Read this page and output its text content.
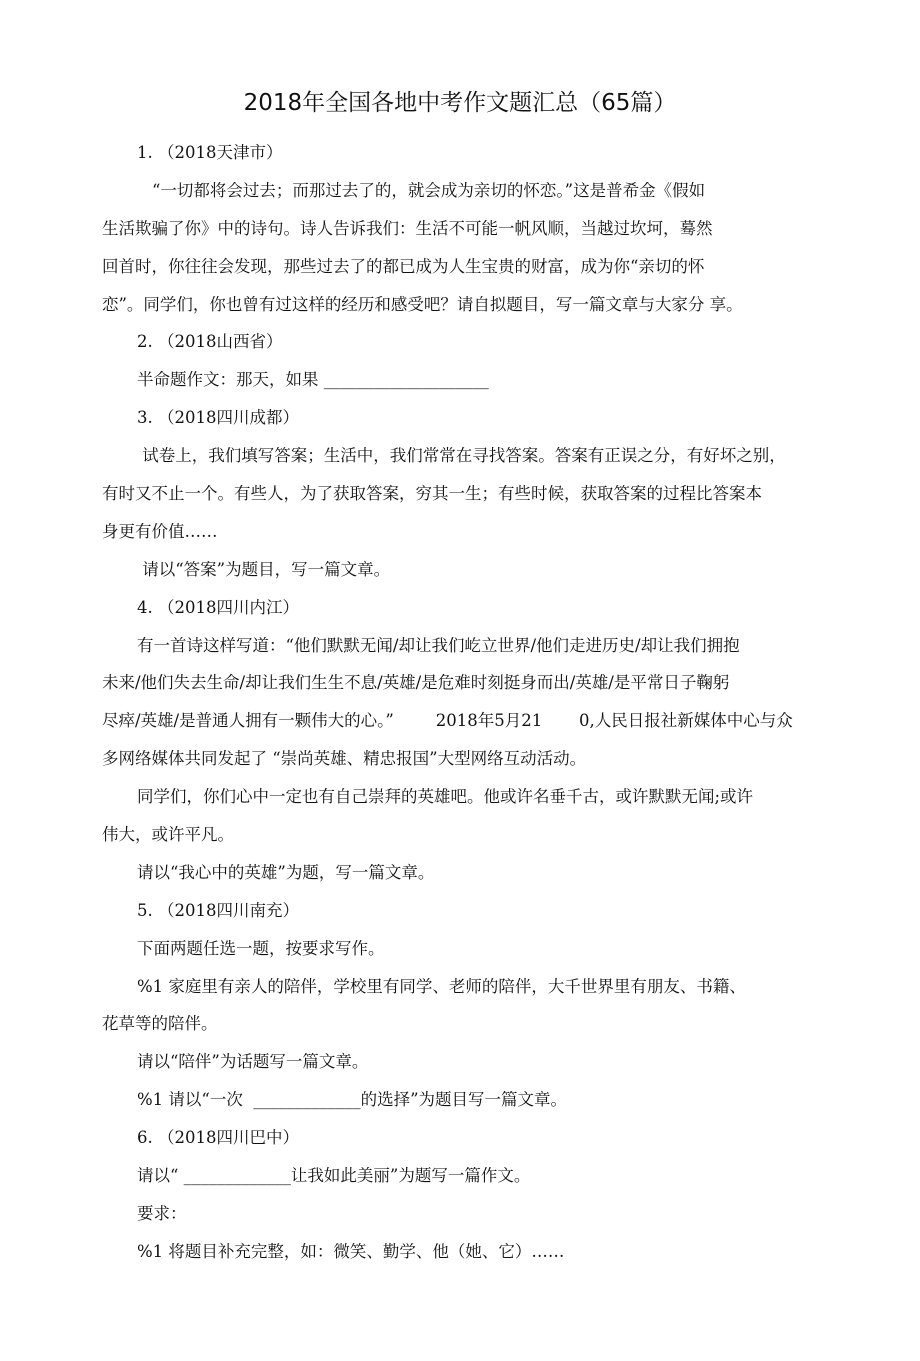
2018年全国各地中考作文题汇总（65篇）
1. （2018天津市）
“一切都将会过去；而那过去了的，就会成为亲切的怀恋。”这是普希金《假如
生活欺骗了你》中的诗句。诗人告诉我们：生活不可能一帆风顺，当越过坎坷，蓦然
回首时，你往往会发现，那些过去了的都已成为人生宝贵的财富，成为你“亲切的怀
恋”。同学们，你也曾有过这样的经历和感受吧？请自拟题目，写一篇文章与大家分 享。
2. （2018山西省）
半命题作文：那天，如果 ____________________
3. （2018四川成都）
试卷上，我们填写答案；生活中，我们常常在寻找答案。答案有正误之分，有好坏之别，
有时又不止一个。有些人，为了获取答案，穷其一生；有些时候，获取答案的过程比答案本
身更有价值……
请以“答案”为题目，写一篇文章。
4. （2018四川内江）
有一首诗这样写道：“他们默默无闻/却让我们屹立世界/他们走进历史/却让我们拥抱
未来/他们失去生命/却让我们生生不息/英雄/是危难时刻挺身而出/英雄/是平常日子鞠躬
尽瘁/英雄/是普通人拥有一颗伟大的心。”        2018年5月21       0,人民日报社新媒体中心与众
多网络媒体共同发起了 “崇尚英雄、精忠报国”大型网络互动活动。
同学们，你们心中一定也有自己崇拜的英雄吧。他或许名垂千古，或许默默无闻;或许
伟大，或许平凡。
请以“我心中的英雄”为题，写一篇文章。
5. （2018四川南充）
下面两题任选一题，按要求写作。
%1 家庭里有亲人的陪伴，学校里有同学、老师的陪伴，大千世界里有朋友、书籍、
花草等的陪伴。
请以“陪伴”为话题写一篇文章。
%1 请以“一次  _____________的选择”为题目写一篇文章。
6. （2018四川巴中）
请以“ _____________让我如此美丽”为题写一篇作文。
要求：
%1 将题目补充完整，如：微笑、勤学、他（她、它）……
